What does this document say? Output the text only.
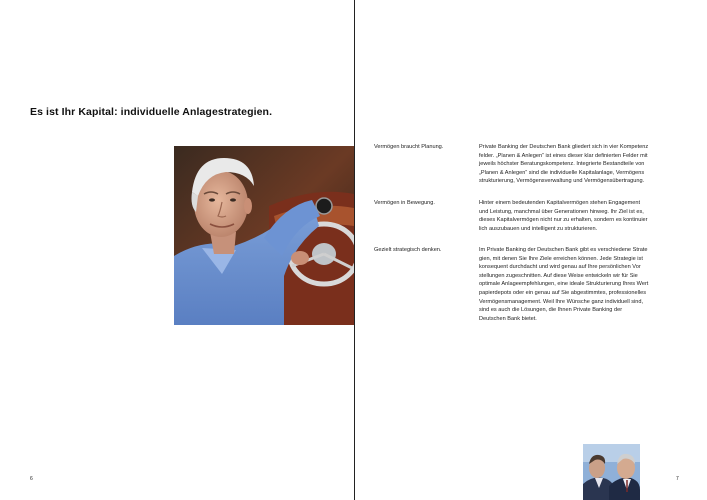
Es ist Ihr Kapital: individuelle Anlagestrategien.
Vermögen braucht Planung.	Private Banking der Deutschen Bank gliedert sich in vier Kompetenz
felder. „Planen & Anlegen“ ist eines dieser klar definierten Felder mit
jeweils höchster Beratungskompetenz. Integrierte Bestandteile von
„Planen & Anlegen“ sind die individuelle Kapitalanlage, Vermögens
strukturierung, Vermögensverwaltung und Vermögensübertragung.
Vermögen in Bewegung.	Hinter einem bedeutenden Kapitalvermögen stehen Engagement
und Leistung, manchmal über Generationen hinweg. Ihr Ziel ist es,
dieses Kapitalvermögen nicht nur zu erhalten, sondern es kontinuier
lich auszubauen und intelligent zu strukturieren.
Gezielt strategisch denken.	Im Private Banking der Deutschen Bank gibt es verschiedene Strate
gien, mit denen Sie Ihre Ziele erreichen können. Jede Strategie ist
konsequent durchdacht und wird genau auf Ihre persönlichen Vor
stellungen zugeschnitten. Auf diese Weise entwickeln wir für Sie
optimale Anlageempfehlungen, eine ideale Strukturierung Ihres Wert
papierdepots oder ein genau auf Sie abgestimmtes, professionelles
Vermögensmanagement. Weil Ihre Wünsche ganz individuell sind,
sind es auch die Lösungen, die Ihnen Private Banking der
Deutschen Bank bietet.
6	7
